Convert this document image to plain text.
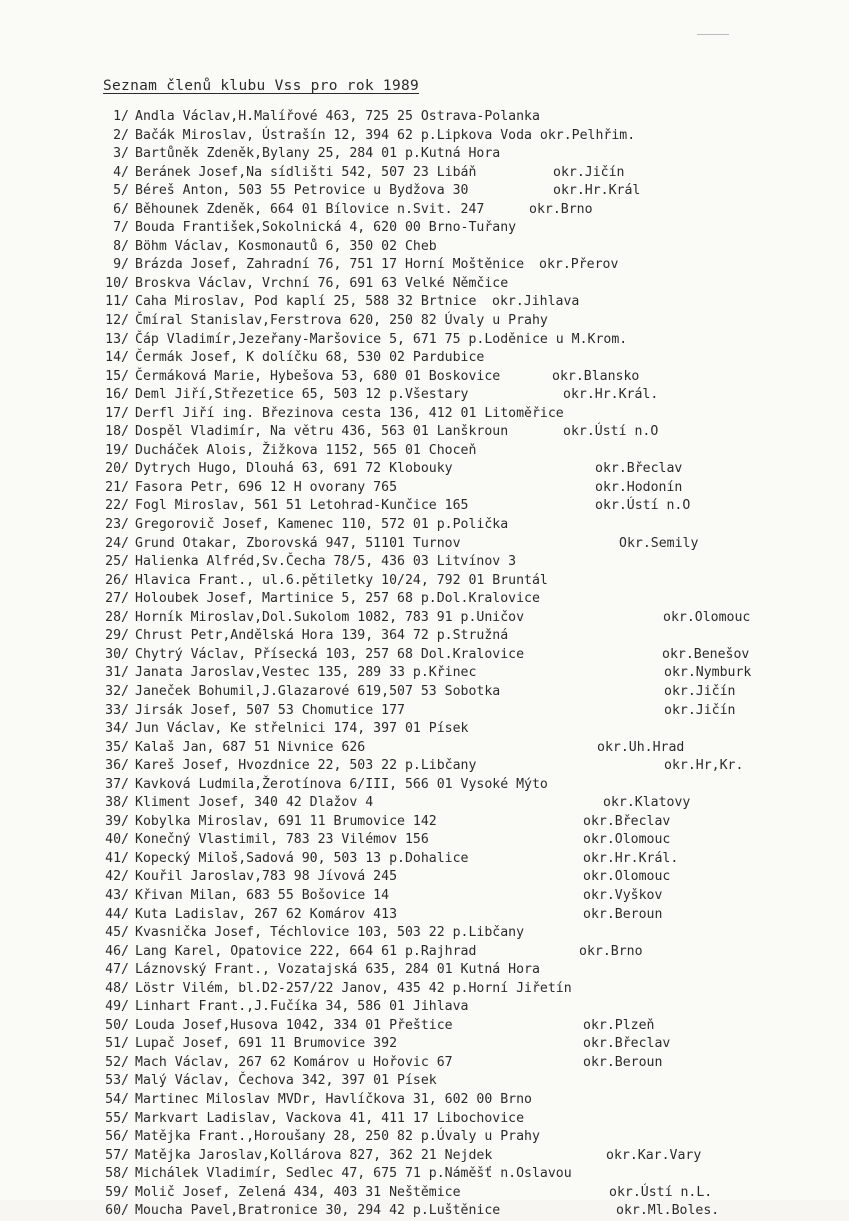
Seznam členů klubu Vss pro rok 1989
1/ Andla Václav,H.Malířové 463, 725 25 Ostrava-Polanka
2/ Bačák Miroslav, Ústrašín 12, 394 62 p.Lipkova Voda okr.Pelhřim.
3/ Bartůněk Zdeněk,Bylany 25, 284 01 p.Kutná Hora
4/ Beránek Josef,Na sídlišti 542, 507 23 Libáň	okr.Jičín
5/ Béreš Anton, 503 55 Petrovice u Bydžova 30	okr.Hr.Král
6/ Běhounek Zdeněk, 664 01 Bílovice n.Svit. 247	okr.Brno
7/ Bouda František,Sokolnická 4, 620 00 Brno-Tuřany
8/ Böhm Václav, Kosmonautů 6, 350 02 Cheb
9/ Brázda Josef, Zahradní 76, 751 17 Horní Moštěnice okr.Přerov
10/ Broskva Václav, Vrchní 76, 691 63 Velké Němčice
11/ Caha Miroslav, Pod kaplí 25, 588 32 Brtnice okr.Jihlava
12/ Čmíral Stanislav,Ferstrova 620, 250 82 Úvaly u Prahy
13/ Čáp Vladimír,Jezeřany-Maršovice 5, 671 75 p.Loděnice u M.Krom.
14/ Čermák Josef, K dolíčku 68, 530 02 Pardubice
15/ Čermáková Marie, Hybešova 53, 680 01 Boskovice	okr.Blansko
16/ Deml Jiří,Střezetice 65, 503 12 p.Všestary	okr.Hr.Král.
17/ Derfl Jiří ing. Březinova cesta 136, 412 01 Litoměřice
18/ Dospěl Vladimír, Na větru 436, 563 01 Lanškroun	okr.Ústí n.O
19/ Ducháček Alois, Žižkova 1152, 565 01 Choceň
20/ Dytrych Hugo, Dlouhá 63, 691 72 Klobouky	okr.Břeclav
21/ Fasora Petr, 696 12 H ovorany 765	okr.Hodonín
22/ Fogl Miroslav, 561 51 Letohrad-Kunčice 165	okr.Ústí n.O
23/ Gregorovič Josef, Kamenec 110, 572 01 p.Polička
24/ Grund Otakar, Zborovská 947, 51101 Turnov	Okr.Semily
25/ Halienka Alfréd,Sv.Čecha 78/5, 436 03 Litvínov 3
26/ Hlavica Frant., ul.6.pětiletky 10/24, 792 01 Bruntál
27/ Holoubek Josef, Martinice 5, 257 68 p.Dol.Kralovice
28/ Horník Miroslav,Dol.Sukolom 1082, 783 91 p.Uničov	okr.Olomouc
29/ Chrust Petr,Andělská Hora 139, 364 72 p.Stružná
30/ Chytrý Václav, Přísecká 103, 257 68 Dol.Kralovice	okr.Benešov
31/ Janata Jaroslav,Vestec 135, 289 33 p.Křinec	okr.Nymburk
32/ Janeček Bohumil,J.Glazarové 619,507 53 Sobotka	okr.Jičín
33/ Jirsák Josef, 507 53 Chomutice 177	okr.Jičín
34/ Jun Václav, Ke střelnici 174, 397 01 Písek
35/ Kalaš Jan, 687 51 Nivnice 626	okr.Uh.Hrad
36/ Kareš Josef, Hvozdnice 22, 503 22 p.Libčany	okr.Hr,Kr.
37/ Kavková Ludmila,Žerotínova 6/III, 566 01 Vysoké Mýto
38/ Kliment Josef, 340 42 Dlažov 4	okr.Klatovy
39/ Kobylka Miroslav, 691 11 Brumovice 142	okr.Břeclav
40/ Konečný Vlastimil, 783 23 Vilémov 156	okr.Olomouc
41/ Kopecký Miloš,Sadová 90, 503 13 p.Dohalice	okr.Hr.Král.
42/ Kouřil Jaroslav,783 98 Jívová 245	okr.Olomouc
43/ Křivan Milan, 683 55 Bošovice 14	okr.Vyškov
44/ Kuta Ladislav, 267 62 Komárov 413	okr.Beroun
45/ Kvasnička Josef, Téchlovice 103, 503 22 p.Libčany
46/ Lang Karel, Opatovice 222, 664 61 p.Rajhrad	okr.Brno
47/ Láznovský Frant., Vozatajská 635, 284 01 Kutná Hora
48/ Löstr Vilém, bl.D2-257/22 Janov, 435 42 p.Horní Jiřetín
49/ Linhart Frant.,J.Fučíka 34, 586 01 Jihlava
50/ Louda Josef,Husova 1042, 334 01 Přeštice	okr.Plzeň
51/ Lupač Josef, 691 11 Brumovice 392	okr.Břeclav
52/ Mach Václav, 267 62 Komárov u Hořovic 67	okr.Beroun
53/ Malý Václav, Čechova 342, 397 01 Písek
54/ Martinec Miloslav MVDr, Havlíčkova 31, 602 00 Brno
55/ Markvart Ladislav, Vackova 41, 411 17 Libochovice
56/ Matějka Frant.,Horoušany 28, 250 82 p.Úvaly u Prahy
57/ Matějka Jaroslav,Kollárova 827, 362 21 Nejdek	okr.Kar.Vary
58/ Michálek Vladimír, Sedlec 47, 675 71 p.Náměšť n.Oslavou
59/ Molič Josef, Zelená 434, 403 31 Neštěmice	okr.Ústí n.L.
60/ Moucha Pavel,Bratronice 30, 294 42 p.Luštěnice	okr.Ml.Boles.
